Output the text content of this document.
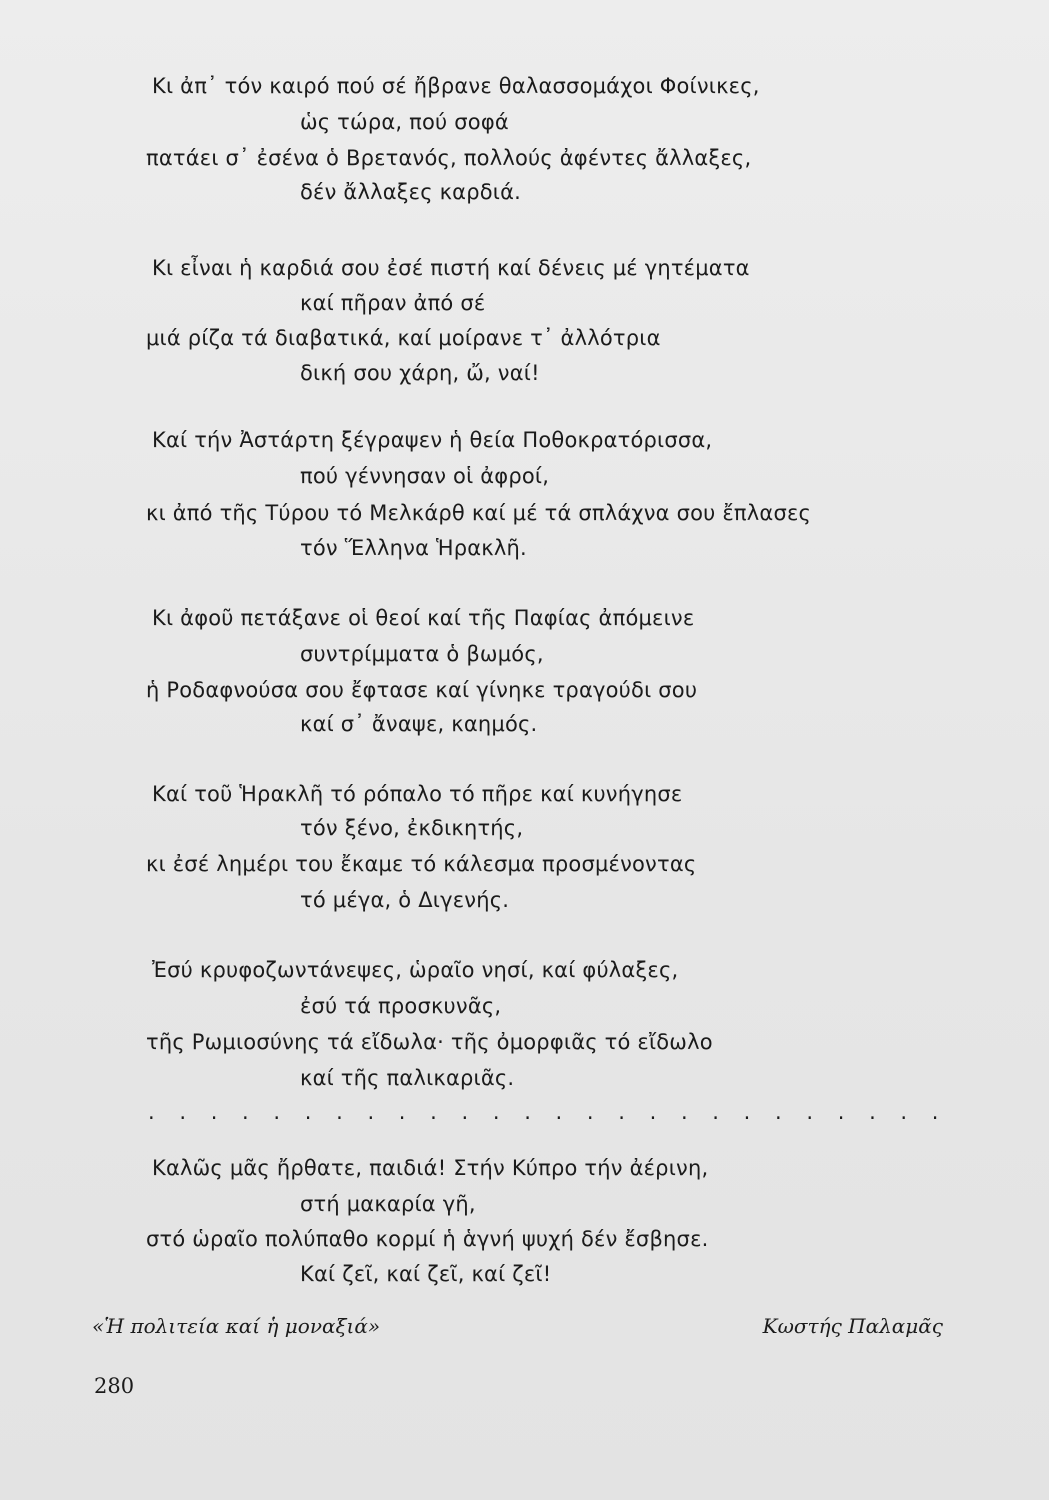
Κι ἀπ᾽ τόν καιρό πού σέ ἤβρανε θαλασσομάχοι Φοίνικες,
ὡς τώρα, πού σοφά
πατάει σ᾽ ἐσένα ὁ Βρετανός, πολλούς ἀφέντες ἄλλαξες,
δέν ἄλλαξες καρδιά.
Κι εἶναι ἡ καρδιά σου ἐσέ πιστή καί δένεις μέ γητέματα
καί πῆραν ἀπό σέ
μιά ρίζα τά διαβατικά, καί μοίρανε τ᾽ ἀλλότρια
δική σου χάρη, ὤ, ναί!
Καί τήν Ἀστάρτη ξέγραψεν ἡ θεία Ποθοκρατόρισσα,
πού γέννησαν οἱ ἀφροί,
κι ἀπό τῆς Τύρου τό Μελκάρθ καί μέ τά σπλάχνα σου ἔπλασες
τόν Ἕλληνα Ἡρακλῆ.
Κι ἀφοῦ πετάξανε οἱ θεοί καί τῆς Παφίας ἀπόμεινε
συντρίμματα ὁ βωμός,
ἡ Ροδαφνούσα σου ἔφτασε καί γίνηκε τραγούδι σου
καί σ᾽ ἄναψε, καημός.
Καί τοῦ Ἡρακλῆ τό ρόπαλο τό πῆρε καί κυνήγησε
τόν ξένο, ἐκδικητής,
κι ἐσέ λημέρι του ἔκαμε τό κάλεσμα προσμένοντας
τό μέγα, ὁ Διγενής.
Ἐσύ κρυφοζωντάνεψες, ὡραῖο νησί, καί φύλαξες,
ἐσύ τά προσκυνᾶς,
τῆς Ρωμιοσύνης τά εἴδωλα· τῆς ὀμορφιᾶς τό εἴδωλο
καί τῆς παλικαριᾶς.
. . . . . . . . . . . . . . . . . . . . . . . . . .
Καλῶς μᾶς ἤρθατε, παιδιά! Στήν Κύπρο τήν ἀέρινη,
στή μακαρία γῆ,
στό ὡραῖο πολύπαθο κορμί ἡ ἁγνή ψυχή δέν ἔσβησε.
Καί ζεῖ, καί ζεῖ, καί ζεῖ!
«Ἡ πολιτεία καί ἡ μοναξιά»	Κωστής Παλαμᾶς
280
